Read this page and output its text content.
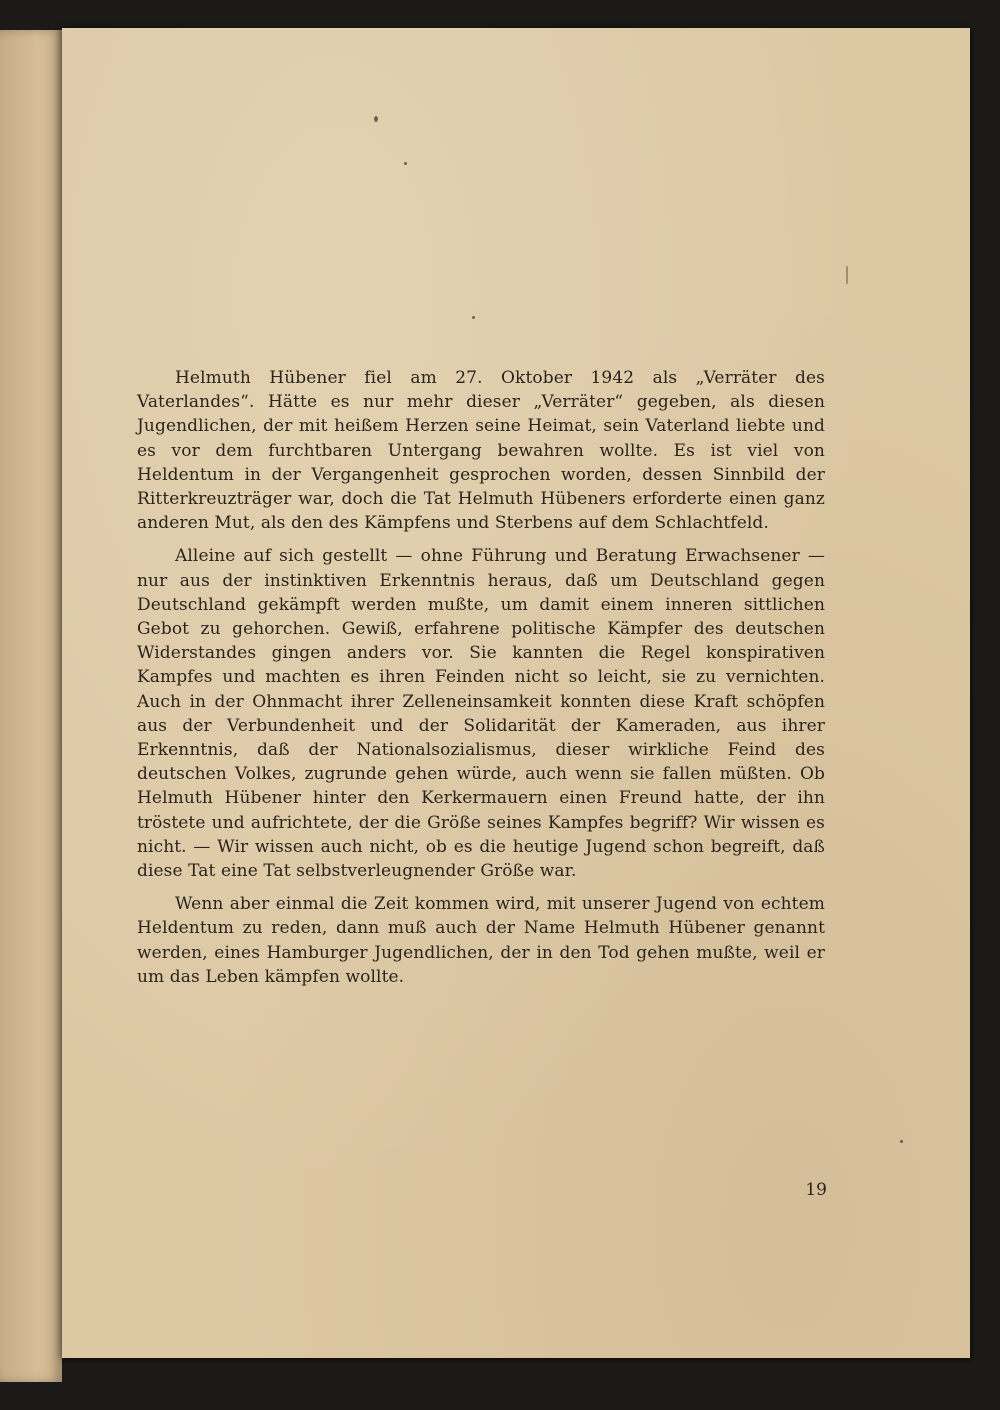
Helmuth Hübener fiel am 27. Oktober 1942 als „Verräter des Vaterlandes“. Hätte es nur mehr dieser „Verräter“ gegeben, als diesen Jugendlichen, der mit heißem Herzen seine Heimat, sein Vaterland liebte und es vor dem furchtbaren Untergang bewahren wollte. Es ist viel von Heldentum in der Vergangenheit gesprochen worden, dessen Sinnbild der Ritterkreuzträger war, doch die Tat Helmuth Hübeners erforderte einen ganz anderen Mut, als den des Kämpfens und Sterbens auf dem Schlachtfeld.

Alleine auf sich gestellt — ohne Führung und Beratung Erwachsener — nur aus der instinktiven Erkenntnis heraus, daß um Deutschland gegen Deutschland gekämpft werden mußte, um damit einem inneren sittlichen Gebot zu gehorchen. Gewiß, erfahrene politische Kämpfer des deutschen Widerstandes gingen anders vor. Sie kannten die Regel konspirativen Kampfes und machten es ihren Feinden nicht so leicht, sie zu vernichten. Auch in der Ohnmacht ihrer Zelleneinsamkeit konnten diese Kraft schöpfen aus der Verbundenheit und der Solidarität der Kameraden, aus ihrer Erkenntnis, daß der Nationalsozialismus, dieser wirkliche Feind des deutschen Volkes, zugrunde gehen würde, auch wenn sie fallen müßten. Ob Helmuth Hübener hinter den Kerkermauern einen Freund hatte, der ihn tröstete und aufrichtete, der die Größe seines Kampfes begriff? Wir wissen es nicht. — Wir wissen auch nicht, ob es die heutige Jugend schon begreift, daß diese Tat eine Tat selbstverleugnender Größe war.

Wenn aber einmal die Zeit kommen wird, mit unserer Jugend von echtem Heldentum zu reden, dann muß auch der Name Helmuth Hübener genannt werden, eines Hamburger Jugendlichen, der in den Tod gehen mußte, weil er um das Leben kämpfen wollte.

19
